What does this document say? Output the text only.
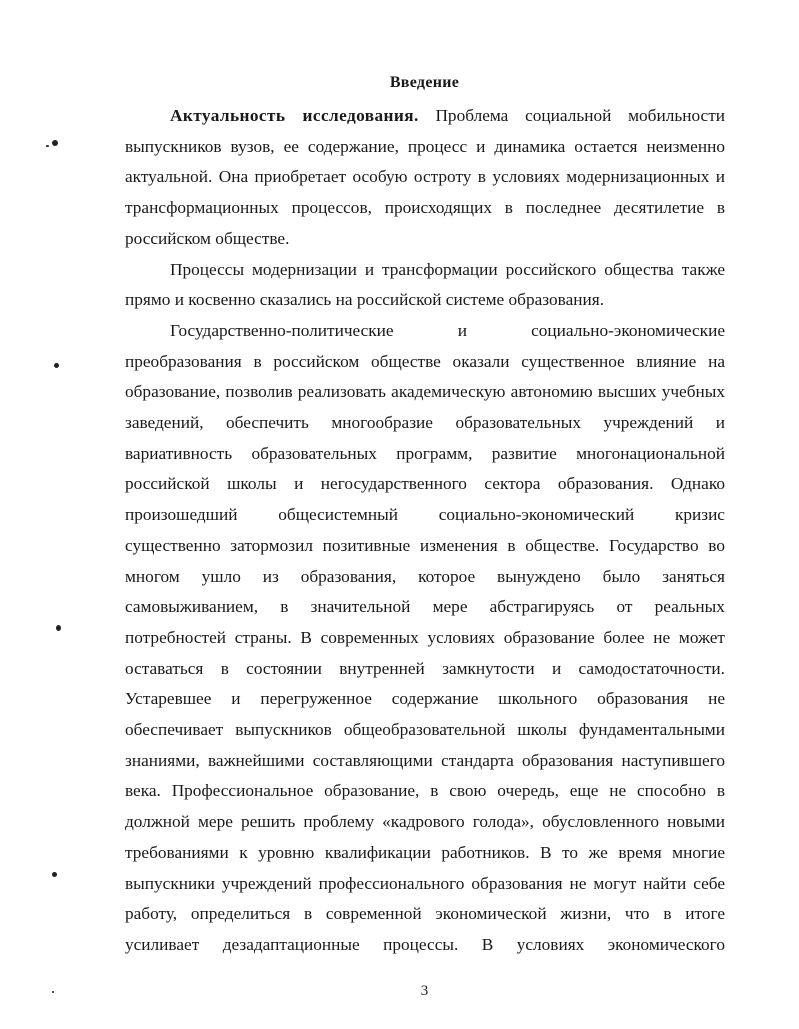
Введение

Актуальность исследования. Проблема социальной мобильности выпускников вузов, ее содержание, процесс и динамика остается неизменно актуальной. Она приобретает особую остроту в условиях модернизационных и трансформационных процессов, происходящих в последнее десятилетие в российском обществе.

Процессы модернизации и трансформации российского общества также прямо и косвенно сказались на российской системе образования.

Государственно-политические	и	социально-экономические
преобразования в российском обществе оказали существенное влияние на образование, позволив реализовать академическую автономию высших учебных заведений, обеспечить многообразие образовательных учреждений и вариативность образовательных программ, развитие многонациональной российской школы и негосударственного сектора образования. Однако
произошедший общесистемный социально-экономический кризис
существенно затормозил позитивные изменения в обществе. Государство во
многом ушло из образования, которое вынуждено было заняться
самовыживанием, в значительной мере абстрагируясь от реальных
потребностей страны. В современных условиях образование более не может оставаться в состоянии внутренней замкнутости и самодостаточности. Устаревшее и перегруженное содержание школьного образования не обеспечивает выпускников общеобразовательной школы фундаментальными знаниями, важнейшими составляющими стандарта образования наступившего века. Профессиональное образование, в свою очередь, еще не способно в должной мере решить проблему «кадрового голода», обусловленного новыми требованиями к уровню квалификации работников. В то же время многие выпускники учреждений профессионального образования не могут найти себе работу, определиться в современной экономической жизни, что в итоге
усиливает дезадаптационные процессы. В условиях экономического
3
